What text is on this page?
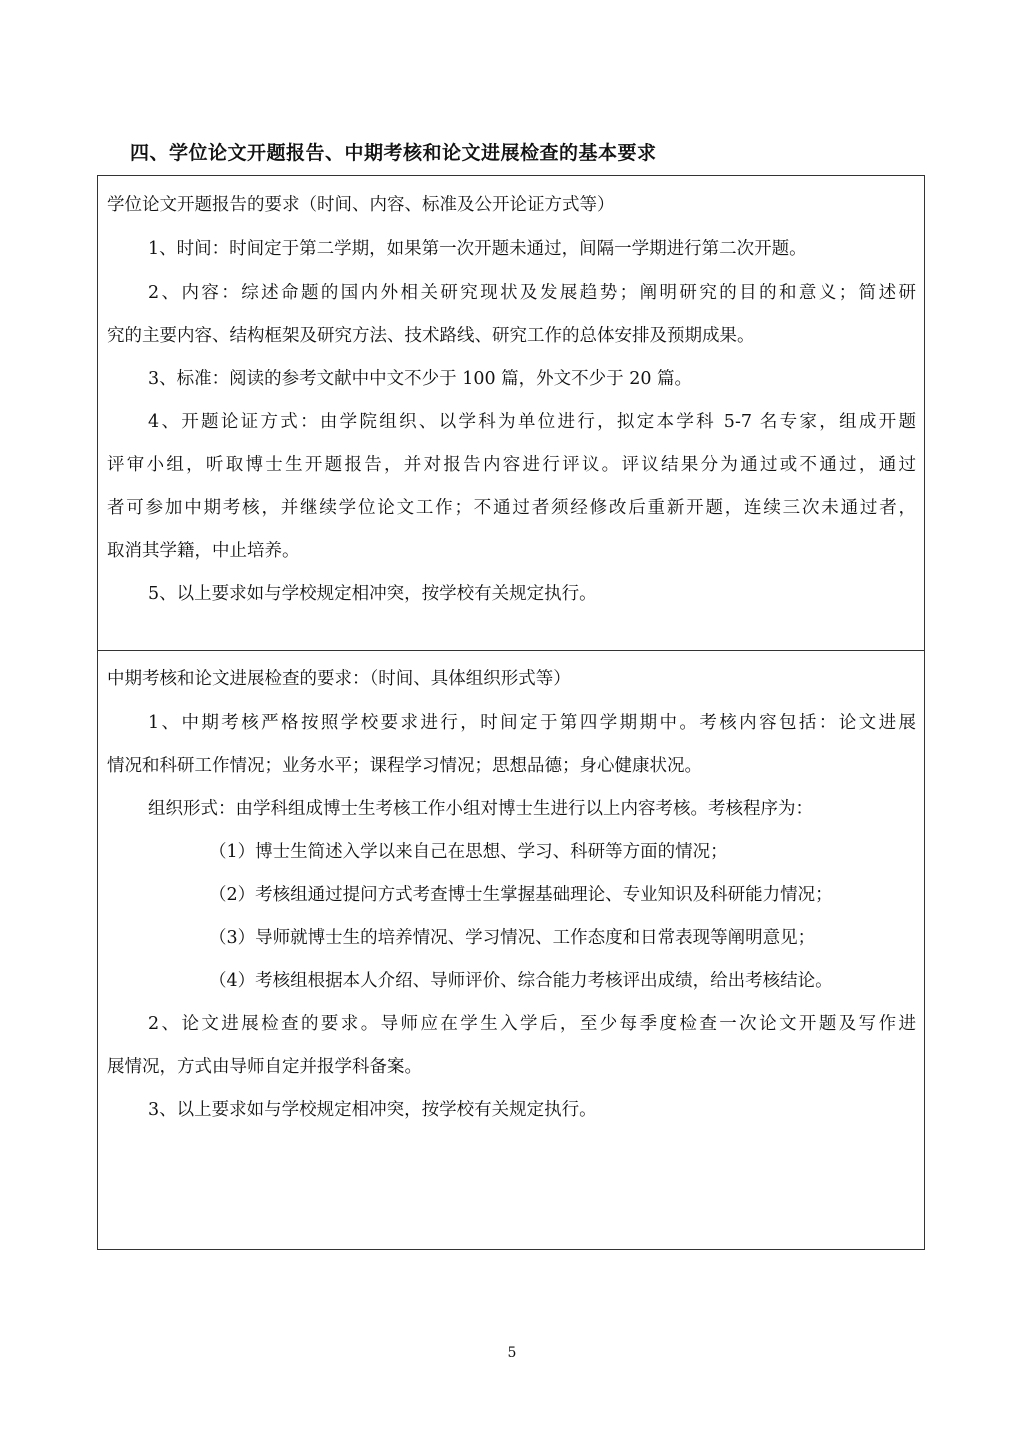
四、学位论文开题报告、中期考核和论文进展检查的基本要求
学位论文开题报告的要求（时间、内容、标准及公开论证方式等）
1、时间：时间定于第二学期，如果第一次开题未通过，间隔一学期进行第二次开题。
2、内容：综述命题的国内外相关研究现状及发展趋势；阐明研究的目的和意义；简述研
究的主要内容、结构框架及研究方法、技术路线、研究工作的总体安排及预期成果。
3、标准：阅读的参考文献中中文不少于 100 篇，外文不少于 20 篇。
4、开题论证方式：由学院组织、以学科为单位进行，拟定本学科 5-7 名专家，组成开题
评审小组，听取博士生开题报告，并对报告内容进行评议。评议结果分为通过或不通过，通过
者可参加中期考核，并继续学位论文工作；不通过者须经修改后重新开题，连续三次未通过者，
取消其学籍，中止培养。
5、以上要求如与学校规定相冲突，按学校有关规定执行。
中期考核和论文进展检查的要求：（时间、具体组织形式等）
1、中期考核严格按照学校要求进行，时间定于第四学期期中。考核内容包括：论文进展
情况和科研工作情况；业务水平；课程学习情况；思想品德；身心健康状况。
组织形式：由学科组成博士生考核工作小组对博士生进行以上内容考核。考核程序为：
（1）博士生简述入学以来自己在思想、学习、科研等方面的情况；
（2）考核组通过提问方式考查博士生掌握基础理论、专业知识及科研能力情况；
（3）导师就博士生的培养情况、学习情况、工作态度和日常表现等阐明意见；
（4）考核组根据本人介绍、导师评价、综合能力考核评出成绩，给出考核结论。
2、论文进展检查的要求。导师应在学生入学后，至少每季度检查一次论文开题及写作进
展情况，方式由导师自定并报学科备案。
3、以上要求如与学校规定相冲突，按学校有关规定执行。
5
